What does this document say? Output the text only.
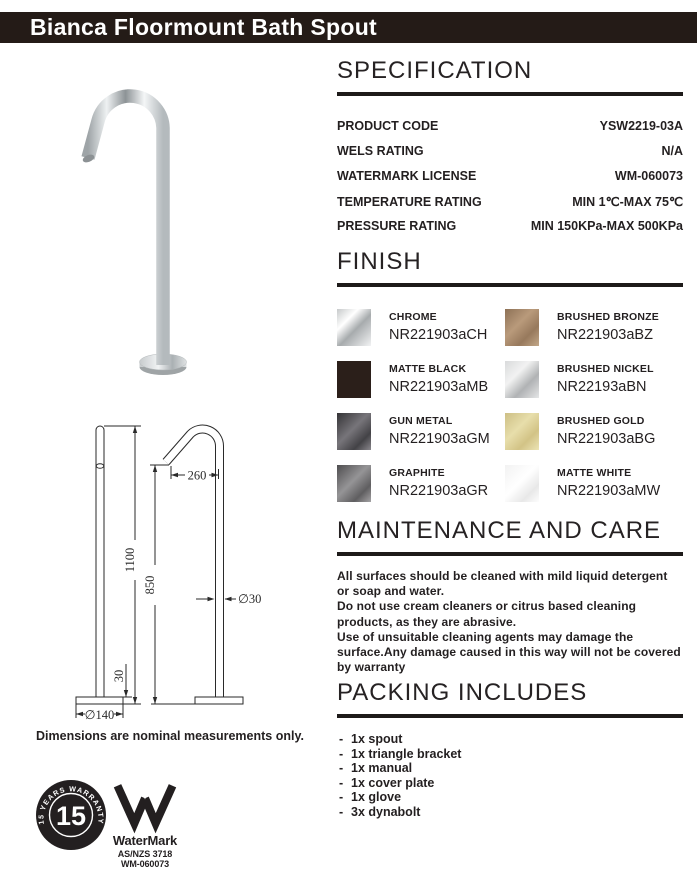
Bianca Floormount Bath Spout
1100
30
∅140
850
260
∅30
Dimensions are nominal measurements only.
15
15 YEARS WARRANTY
WaterMark
AS/NZS 3718
WM-060073
SPECIFICATION
PRODUCT CODE	YSW2219-03A
WELS RATING	N/A
WATERMARK LICENSE	WM-060073
TEMPERATURE RATING	MIN 1℃-MAX 75℃
PRESSURE RATING	MIN 150KPa-MAX 500KPa
FINISH
CHROME
NR221903aCH
BRUSHED BRONZE
NR221903aBZ
MATTE BLACK
NR221903aMB
BRUSHED NICKEL
NR22193aBN
GUN METAL
NR221903aGM
BRUSHED GOLD
NR221903aBG
GRAPHITE
NR221903aGR
MATTE WHITE
NR221903aMW
MAINTENANCE AND CARE

All surfaces should be cleaned with mild liquid detergent or soap and water.

Do not use cream cleaners or citrus based cleaning products, as they are abrasive.

Use of unsuitable cleaning agents may damage the surface.Any damage caused in this way will not be covered by warranty

PACKING INCLUDES
- 1x spout
- 1x triangle bracket
- 1x manual
- 1x cover plate
- 1x glove
- 3x dynabolt
